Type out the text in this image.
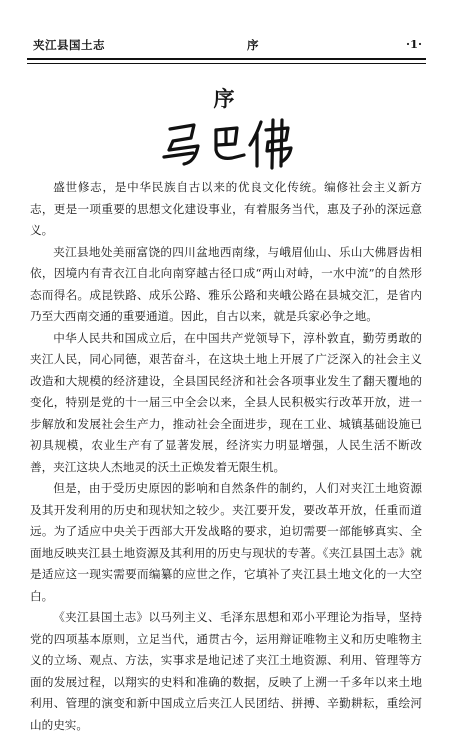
夹江县国土志	序	·1·
序

盛世修志，是中华民族自古以来的优良文化传统。编修社会主义新方志，更是一项重要的思想文化建设事业，有着服务当代，惠及子孙的深远意义。

夹江县地处美丽富饶的四川盆地西南缘，与峨眉仙山、乐山大佛唇齿相依，因境内有青衣江自北向南穿越古径口成“两山对峙，一水中流”的自然形态而得名。成昆铁路、成乐公路、雅乐公路和夹峨公路在县城交汇，是省内乃至大西南交通的重要通道。因此，自古以来，就是兵家必争之地。

中华人民共和国成立后，在中国共产党领导下，淳朴敦直，勤劳勇敢的夹江人民，同心同德，艰苦奋斗，在这块土地上开展了广泛深入的社会主义改造和大规模的经济建设，全县国民经济和社会各项事业发生了翻天覆地的变化，特别是党的十一届三中全会以来，全县人民积极实行改革开放，进一步解放和发展社会生产力，推动社会全面进步，现在工业、城镇基础设施已初具规模，农业生产有了显著发展，经济实力明显增强，人民生活不断改善，夹江这块人杰地灵的沃土正焕发着无限生机。

但是，由于受历史原因的影响和自然条件的制约，人们对夹江土地资源及其开发利用的历史和现状知之较少。夹江要开发，要改革开放，任重而道远。为了适应中央关于西部大开发战略的要求，迫切需要一部能够真实、全面地反映夹江县土地资源及其利用的历史与现状的专著。《夹江县国土志》就是适应这一现实需要而编纂的应世之作，它填补了夹江县土地文化的一大空白。

《夹江县国土志》以马列主义、毛泽东思想和邓小平理论为指导，坚持党的四项基本原则，立足当代，通贯古今，运用辩证唯物主义和历史唯物主义的立场、观点、方法，实事求是地记述了夹江土地资源、利用、管理等方面的发展过程，以翔实的史料和准确的数据，反映了上溯一千多年以来土地利用、管理的演变和新中国成立后夹江人民团结、拼搏、辛勤耕耘，重绘河山的史实。
